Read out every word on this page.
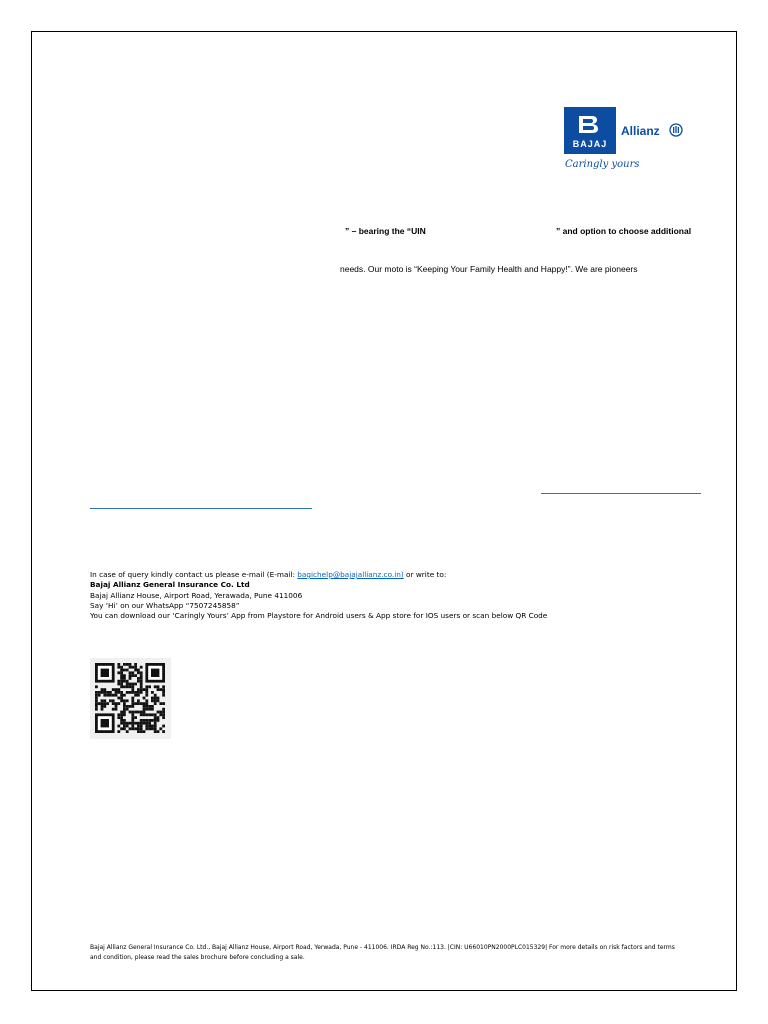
BAJAJ
Allianz
Caringly yours
” – bearing the “UIN	” and option to choose additional
needs. Our moto is “Keeping Your Family Health and Happy!”. We are pioneers
In case of query kindly contact us please e-mail (E-mail: bagichelp@bajajallianz.co.in) or write to:
Bajaj Allianz General Insurance Co. Ltd
Bajaj Allianz House, Airport Road, Yerawada, Pune 411006
Say ‘Hi’ on our WhatsApp “7507245858”
You can download our ‘Caringly Yours’ App from Playstore for Android users & App store for IOS users or scan below QR Code
Bajaj Allianz General Insurance Co. Ltd., Bajaj Allianz House, Airport Road, Yerwada, Pune - 411006. IRDA Reg No.:113. |CIN: U66010PN2000PLC015329| For more details on risk factors and terms and condition, please read the sales brochure before concluding a sale.
